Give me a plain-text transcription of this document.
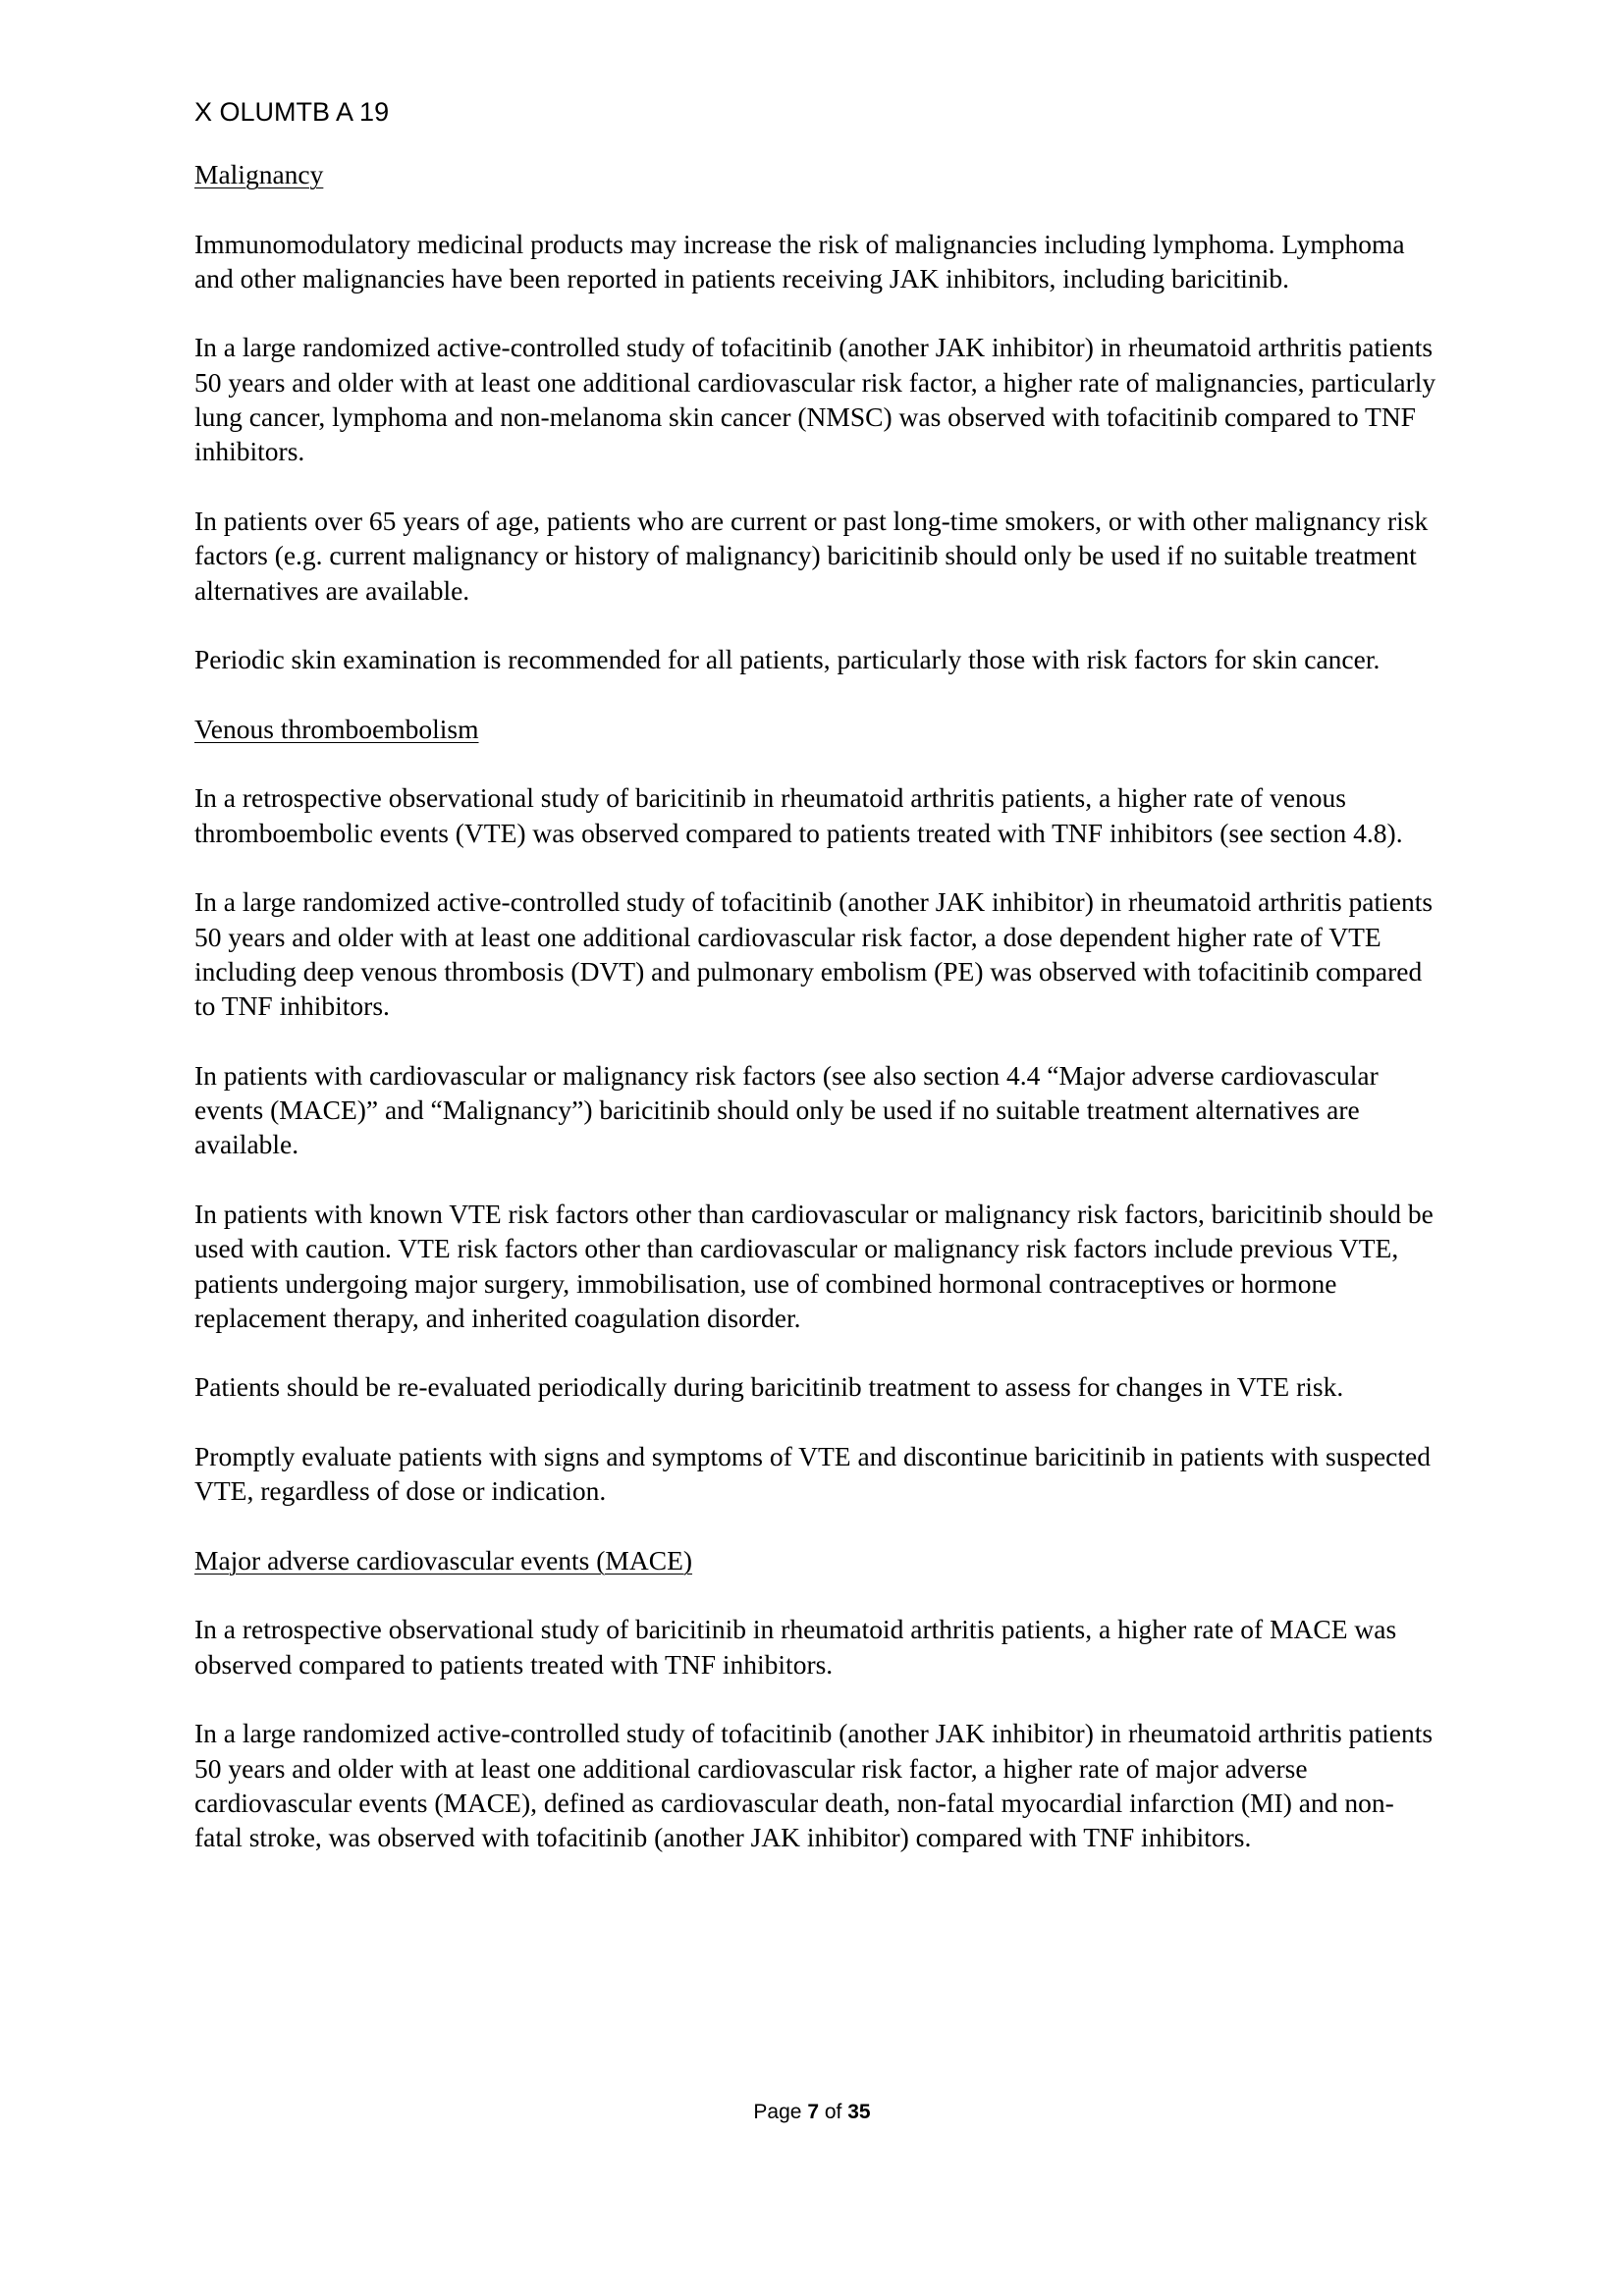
X OLUMTB A 19
Malignancy

Immunomodulatory medicinal products may increase the risk of malignancies including lymphoma. Lymphoma and other malignancies have been reported in patients receiving JAK inhibitors, including baricitinib.

In a large randomized active-controlled study of tofacitinib (another JAK inhibitor) in rheumatoid arthritis patients 50 years and older with at least one additional cardiovascular risk factor, a higher rate of malignancies, particularly lung cancer, lymphoma and non-melanoma skin cancer (NMSC) was observed with tofacitinib compared to TNF inhibitors.

In patients over 65 years of age, patients who are current or past long-time smokers, or with other malignancy risk factors (e.g. current malignancy or history of malignancy) baricitinib should only be used if no suitable treatment alternatives are available.

Periodic skin examination is recommended for all patients, particularly those with risk factors for skin cancer.

Venous thromboembolism

In a retrospective observational study of baricitinib in rheumatoid arthritis patients, a higher rate of venous thromboembolic events (VTE) was observed compared to patients treated with TNF inhibitors (see section 4.8).

In a large randomized active-controlled study of tofacitinib (another JAK inhibitor) in rheumatoid arthritis patients 50 years and older with at least one additional cardiovascular risk factor, a dose dependent higher rate of VTE including deep venous thrombosis (DVT) and pulmonary embolism (PE) was observed with tofacitinib compared to TNF inhibitors.

In patients with cardiovascular or malignancy risk factors (see also section 4.4 “Major adverse cardiovascular events (MACE)” and “Malignancy”) baricitinib should only be used if no suitable treatment alternatives are available.

In patients with known VTE risk factors other than cardiovascular or malignancy risk factors, baricitinib should be used with caution. VTE risk factors other than cardiovascular or malignancy risk factors include previous VTE, patients undergoing major surgery, immobilisation, use of combined hormonal contraceptives or hormone replacement therapy, and inherited coagulation disorder.

Patients should be re-evaluated periodically during baricitinib treatment to assess for changes in VTE risk.

Promptly evaluate patients with signs and symptoms of VTE and discontinue baricitinib in patients with suspected VTE, regardless of dose or indication.

Major adverse cardiovascular events (MACE)

In a retrospective observational study of baricitinib in rheumatoid arthritis patients, a higher rate of MACE was observed compared to patients treated with TNF inhibitors.

In a large randomized active-controlled study of tofacitinib (another JAK inhibitor) in rheumatoid arthritis patients 50 years and older with at least one additional cardiovascular risk factor, a higher rate of major adverse cardiovascular events (MACE), defined as cardiovascular death, non-fatal myocardial infarction (MI) and non-fatal stroke, was observed with tofacitinib (another JAK inhibitor) compared with TNF inhibitors.

Page 7 of 35
